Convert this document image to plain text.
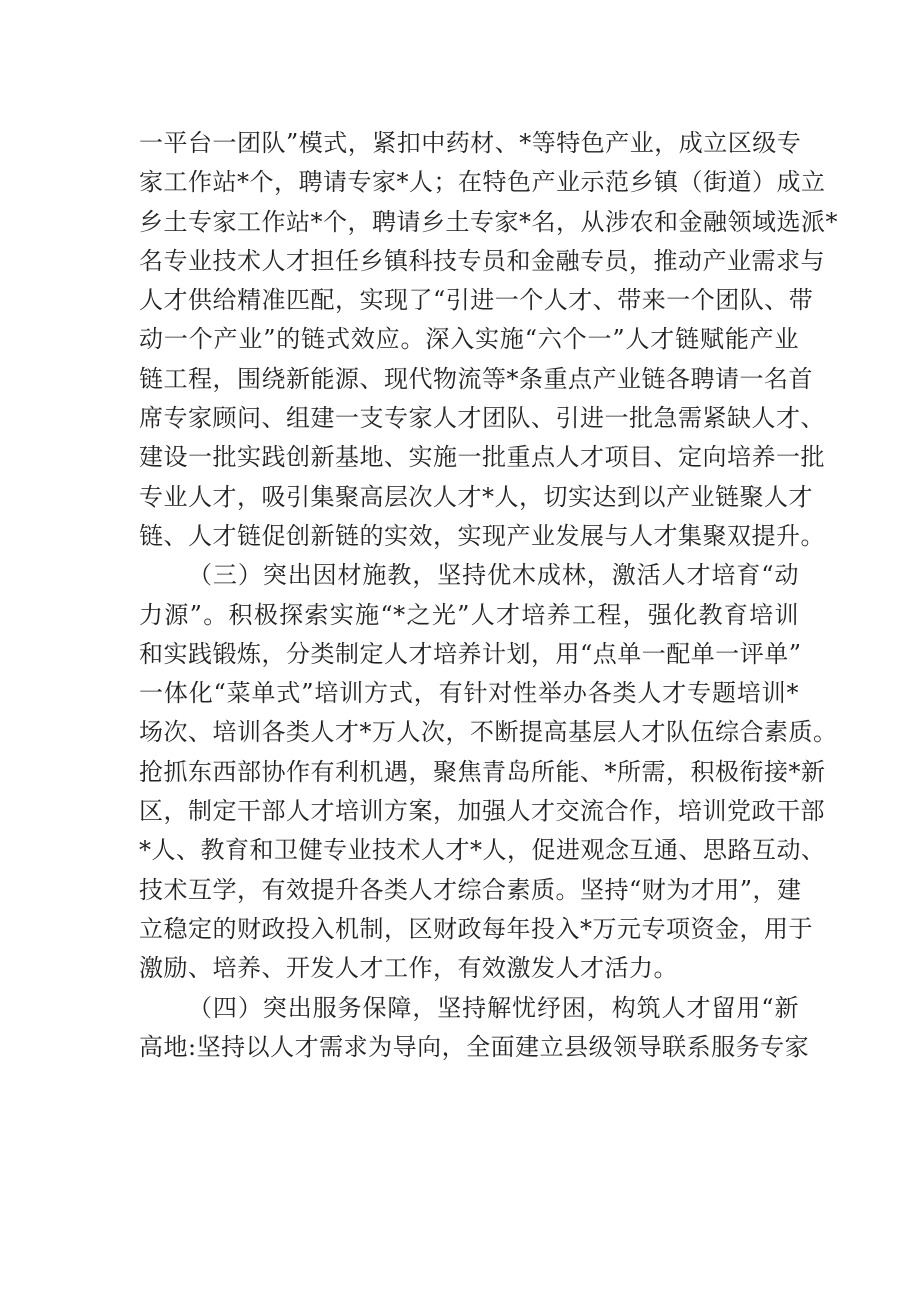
一平台一团队”模式，紧扣中药材、*等特色产业，成立区级专
家工作站*个，聘请专家*人；在特色产业示范乡镇（街道）成立
乡土专家工作站*个，聘请乡土专家*名，从涉农和金融领域选派*
名专业技术人才担任乡镇科技专员和金融专员，推动产业需求与
人才供给精准匹配，实现了“引进一个人才、带来一个团队、带
动一个产业”的链式效应。深入实施“六个一”人才链赋能产业
链工程，围绕新能源、现代物流等*条重点产业链各聘请一名首
席专家顾问、组建一支专家人才团队、引进一批急需紧缺人才、
建设一批实践创新基地、实施一批重点人才项目、定向培养一批
专业人才，吸引集聚高层次人才*人，切实达到以产业链聚人才
链、人才链促创新链的实效，实现产业发展与人才集聚双提升。
（三）突出因材施教，坚持优木成林，激活人才培育“动
力源”。积极探索实施“*之光”人才培养工程，强化教育培训
和实践锻炼，分类制定人才培养计划，用“点单一配单一评单”
一体化“菜单式”培训方式，有针对性举办各类人才专题培训*
场次、培训各类人才*万人次，不断提高基层人才队伍综合素质。
抢抓东西部协作有利机遇，聚焦青岛所能、*所需，积极衔接*新
区，制定干部人才培训方案，加强人才交流合作，培训党政干部
*人、教育和卫健专业技术人才*人，促进观念互通、思路互动、
技术互学，有效提升各类人才综合素质。坚持“财为才用”，建
立稳定的财政投入机制，区财政每年投入*万元专项资金，用于
激励、培养、开发人才工作，有效激发人才活力。
（四）突出服务保障，坚持解忧纾困，构筑人才留用“新
高地:坚持以人才需求为导向，全面建立县级领导联系服务专家
